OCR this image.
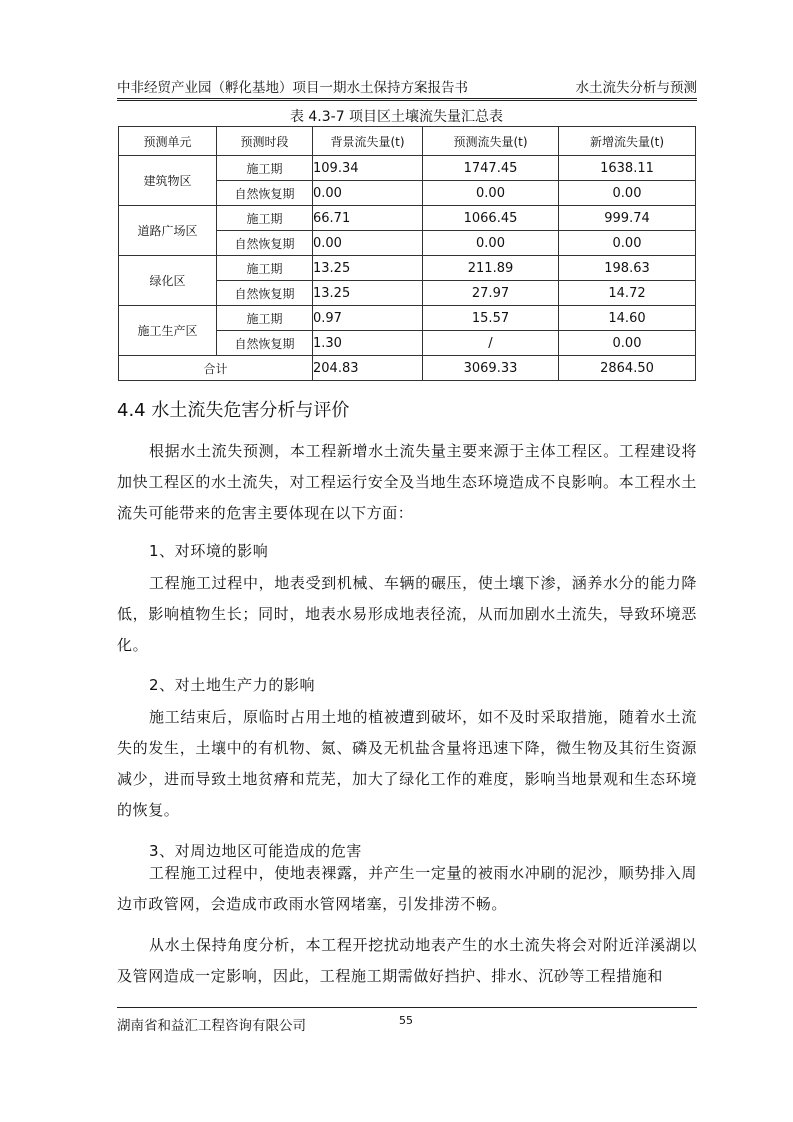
中非经贸产业园（孵化基地）项目一期水土保持方案报告书	水土流失分析与预测
表 4.3-7 项目区土壤流失量汇总表
预测单元	预测时段	背景流失量(t)	预测流失量(t)	新增流失量(t)
建筑物区	施工期	109.34	1747.45	1638.11
	自然恢复期	0.00	0.00	0.00
道路广场区	施工期	66.71	1066.45	999.74
	自然恢复期	0.00	0.00	0.00
绿化区	施工期	13.25	211.89	198.63
	自然恢复期	13.25	27.97	14.72
施工生产区	施工期	0.97	15.57	14.60
	自然恢复期	1.30	/	0.00
合计		204.83	3069.33	2864.50
4.4 水土流失危害分析与评价
根据水土流失预测，本工程新增水土流失量主要来源于主体工程区。工程建设将加快工程区的水土流失，对工程运行安全及当地生态环境造成不良影响。本工程水土流失可能带来的危害主要体现在以下方面：
1、对环境的影响
工程施工过程中，地表受到机械、车辆的碾压，使土壤下渗，涵养水分的能力降低，影响植物生长；同时，地表水易形成地表径流，从而加剧水土流失，导致环境恶化。
2、对土地生产力的影响
施工结束后，原临时占用土地的植被遭到破坏，如不及时采取措施，随着水土流失的发生，土壤中的有机物、氮、磷及无机盐含量将迅速下降，微生物及其衍生资源减少，进而导致土地贫瘠和荒芜，加大了绿化工作的难度，影响当地景观和生态环境的恢复。
3、对周边地区可能造成的危害
工程施工过程中，使地表裸露，并产生一定量的被雨水冲刷的泥沙，顺势排入周边市政管网，会造成市政雨水管网堵塞，引发排涝不畅。
从水土保持角度分析，本工程开挖扰动地表产生的水土流失将会对附近洋溪湖以及管网造成一定影响，因此，工程施工期需做好挡护、排水、沉砂等工程措施和
湖南省和益汇工程咨询有限公司	55
